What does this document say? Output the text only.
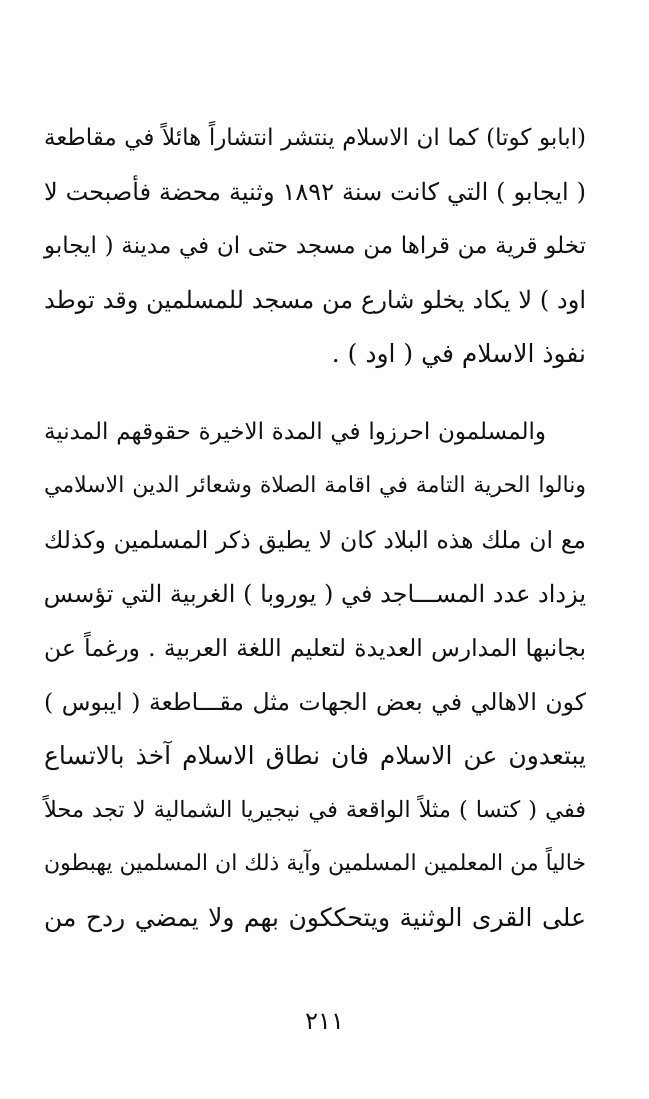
(ابابو كوتا) كما ان الاسلام ينتشر انتشاراً هائلاً في مقاطعة
( ايجابو ) التي كانت سنة ١٨٩٢ وثنية محضة فأصبحت لا
تخلو قرية من قراها من مسجد حتى ان في مدينة ( ايجابو
اود ) لا يكاد يخلو شارع من مسجد للمسلمين وقد توطد
نفوذ الاسلام في ( اود ) .
والمسلمون احرزوا في المدة الاخيرة حقوقهم المدنية
ونالوا الحرية التامة في اقامة الصلاة وشعائر الدين الاسلامي
مع ان ملك هذه البلاد كان لا يطيق ذكر المسلمين وكذلك
يزداد عدد المســـاجد في ( يوروبا ) الغربية التي تؤسس
بجانبها المدارس العديدة لتعليم اللغة العربية . ورغماً عن
كون الاهالي في بعض الجهات مثل مقـــاطعة ( ايبوس )
يبتعدون عن الاسلام فان نطاق الاسلام آخذ بالاتساع
ففي ( كتسا ) مثلاً الواقعة في نيجيريا الشمالية لا تجد محلاً
خالياً من المعلمين المسلمين وآية ذلك ان المسلمين يهبطون
على القرى الوثنية ويتحككون بهم ولا يمضي ردح من
٢١١
